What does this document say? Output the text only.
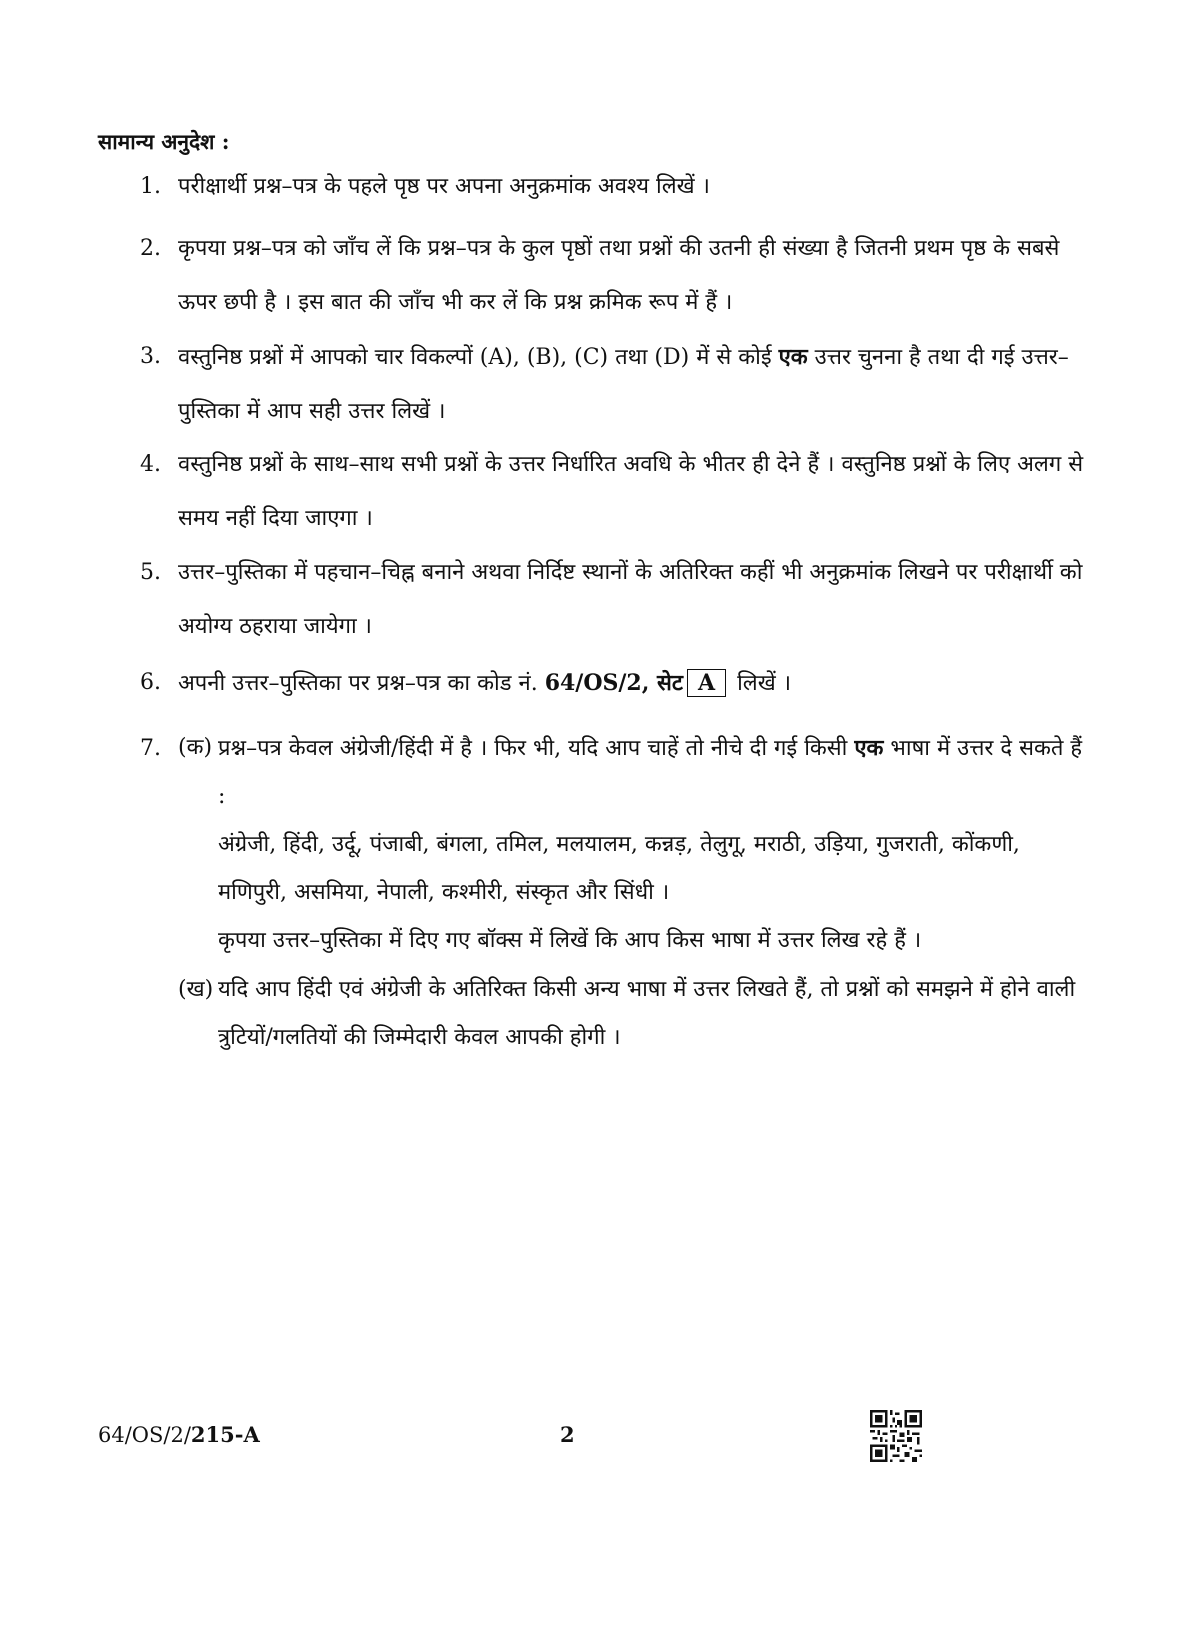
सामान्य अनुदेश :
1. परीक्षार्थी प्रश्न–पत्र के पहले पृष्ठ पर अपना अनुक्रमांक अवश्य लिखें ।
2. कृपया प्रश्न–पत्र को जाँच लें कि प्रश्न–पत्र के कुल पृष्ठों तथा प्रश्नों की उतनी ही संख्या है जितनी प्रथम पृष्ठ के सबसे ऊपर छपी है । इस बात की जाँच भी कर लें कि प्रश्न क्रमिक रूप में हैं ।
3. वस्तुनिष्ठ प्रश्नों में आपको चार विकल्पों (A), (B), (C) तथा (D) में से कोई एक उत्तर चुनना है तथा दी गई उत्तर–पुस्तिका में आप सही उत्तर लिखें ।
4. वस्तुनिष्ठ प्रश्नों के साथ–साथ सभी प्रश्नों के उत्तर निर्धारित अवधि के भीतर ही देने हैं । वस्तुनिष्ठ प्रश्नों के लिए अलग से समय नहीं दिया जाएगा ।
5. उत्तर–पुस्तिका में पहचान–चिह्न बनाने अथवा निर्दिष्ट स्थानों के अतिरिक्त कहीं भी अनुक्रमांक लिखने पर परीक्षार्थी को अयोग्य ठहराया जायेगा ।
6. अपनी उत्तर–पुस्तिका पर प्रश्न–पत्र का कोड नं. 64/OS/2, सेट A लिखें ।
7. (क) प्रश्न–पत्र केवल अंग्रेजी/हिंदी में है । फिर भी, यदि आप चाहें तो नीचे दी गई किसी एक भाषा में उत्तर दे सकते हैं :
अंग्रेजी, हिंदी, उर्दू, पंजाबी, बंगला, तमिल, मलयालम, कन्नड़, तेलुगू, मराठी, उड़िया, गुजराती, कोंकणी, मणिपुरी, असमिया, नेपाली, कश्मीरी, संस्कृत और सिंधी ।
कृपया उत्तर–पुस्तिका में दिए गए बॉक्स में लिखें कि आप किस भाषा में उत्तर लिख रहे हैं ।
(ख) यदि आप हिंदी एवं अंग्रेजी के अतिरिक्त किसी अन्य भाषा में उत्तर लिखते हैं, तो प्रश्नों को समझने में होने वाली त्रुटियों/गलतियों की जिम्मेदारी केवल आपकी होगी ।
64/OS/2/215-A	2
